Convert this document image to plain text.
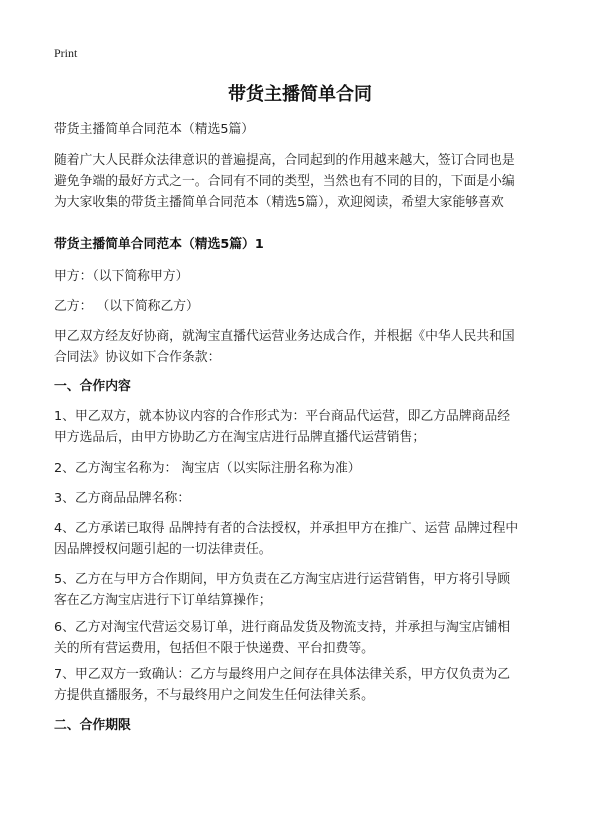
Print
带货主播简单合同
带货主播简单合同范本（精选5篇）
随着广大人民群众法律意识的普遍提高，合同起到的作用越来越大，签订合同也是
避免争端的最好方式之一。合同有不同的类型，当然也有不同的目的，下面是小编
为大家收集的带货主播简单合同范本（精选5篇），欢迎阅读，希望大家能够喜欢
带货主播简单合同范本（精选5篇）1
甲方：（以下简称甲方）
乙方： （以下简称乙方）
甲乙双方经友好协商，就淘宝直播代运营业务达成合作，并根据《中华人民共和国
合同法》协议如下合作条款：
一、合作内容
1、甲乙双方，就本协议内容的合作形式为：平台商品代运营，即乙方品牌商品经
甲方选品后，由甲方协助乙方在淘宝店进行品牌直播代运营销售；
2、乙方淘宝名称为： 淘宝店（以实际注册名称为准）
3、乙方商品品牌名称：
4、乙方承诺已取得 品牌持有者的合法授权，并承担甲方在推广、运营 品牌过程中
因品牌授权问题引起的一切法律责任。
5、乙方在与甲方合作期间，甲方负责在乙方淘宝店进行运营销售，甲方将引导顾
客在乙方淘宝店进行下订单结算操作；
6、乙方对淘宝代营运交易订单，进行商品发货及物流支持，并承担与淘宝店铺相
关的所有营运费用，包括但不限于快递费、平台扣费等。
7、甲乙双方一致确认：乙方与最终用户之间存在具体法律关系，甲方仅负责为乙
方提供直播服务，不与最终用户之间发生任何法律关系。
二、合作期限
